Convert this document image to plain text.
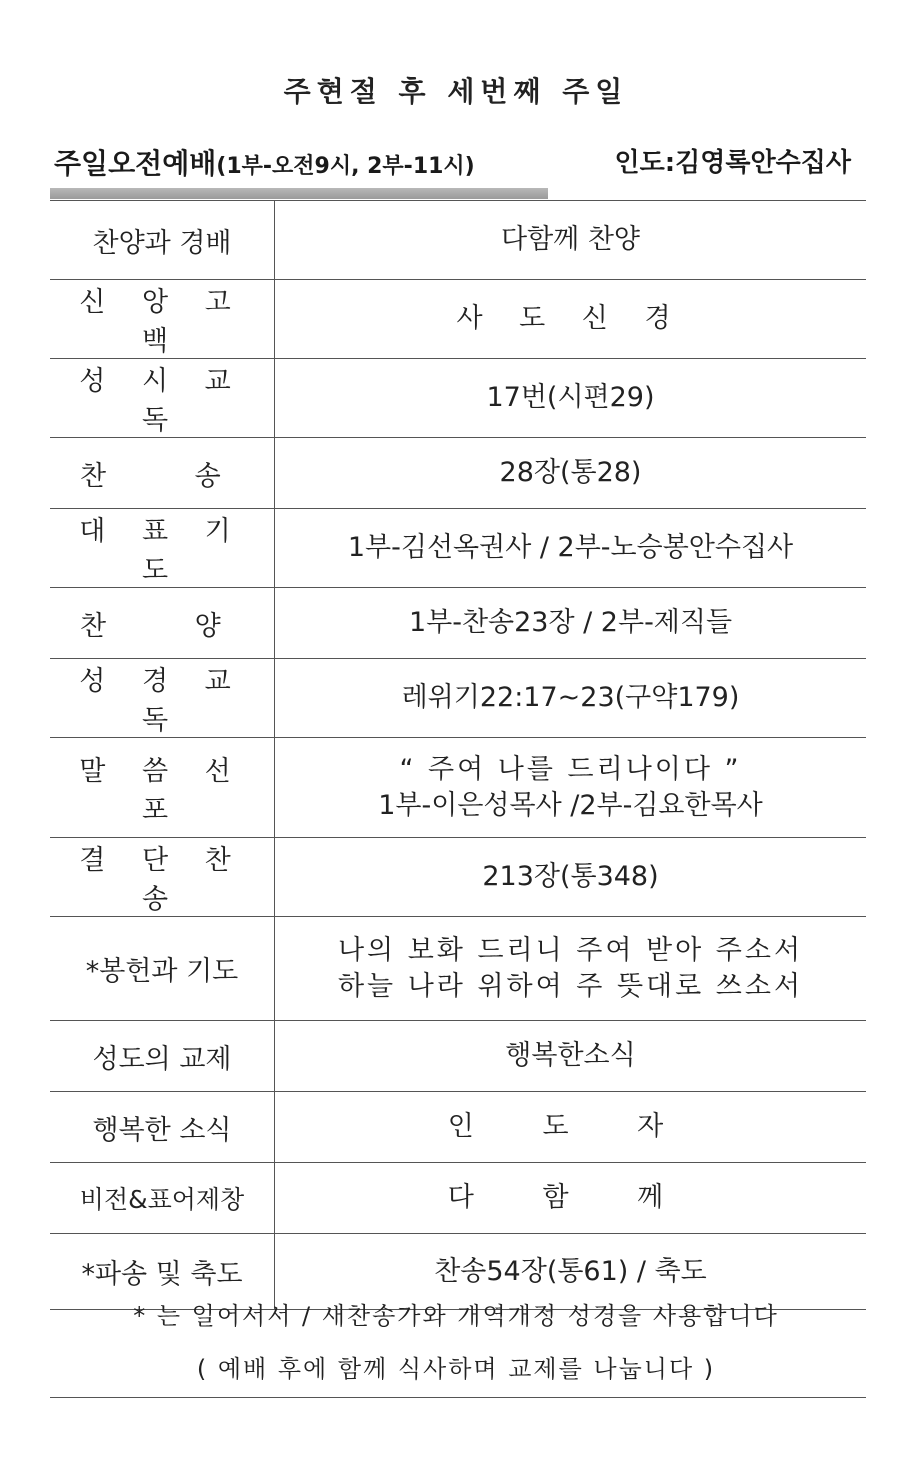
주현절 후 세번째 주일
주일오전예배(1부-오전9시, 2부-11시)	인도:김영록안수집사
찬양과 경배	다함께 찬양
신 앙 고 백	사 도 신 경
성 시 교 독	17번(시편29)

찬 송	28장(통28)
대 표 기 도	1부-김선옥권사 / 2부-노승봉안수집사

찬 양	1부-찬송23장 / 2부-제직들
성 경 교 독	레위기22:17~23(구약179)
말 씀 선 포	“ 주여 나를 드리나이다 ”
1부-이은성목사 /2부-김요한목사

결 단 찬 송	213장(통348)
*봉헌과 기도	나의 보화 드리니 주여 받아 주소서
하늘 나라 위하여 주 뜻대로 쓰소서

성도의 교제	행복한소식
행복한 소식	인 도 자
비전&표어제창	다 함 께
*파송 및 축도	찬송54장(통61) / 축도
* 는 일어서서 / 새찬송가와 개역개정 성경을 사용합니다
( 예배 후에 함께 식사하며 교제를 나눕니다 )
